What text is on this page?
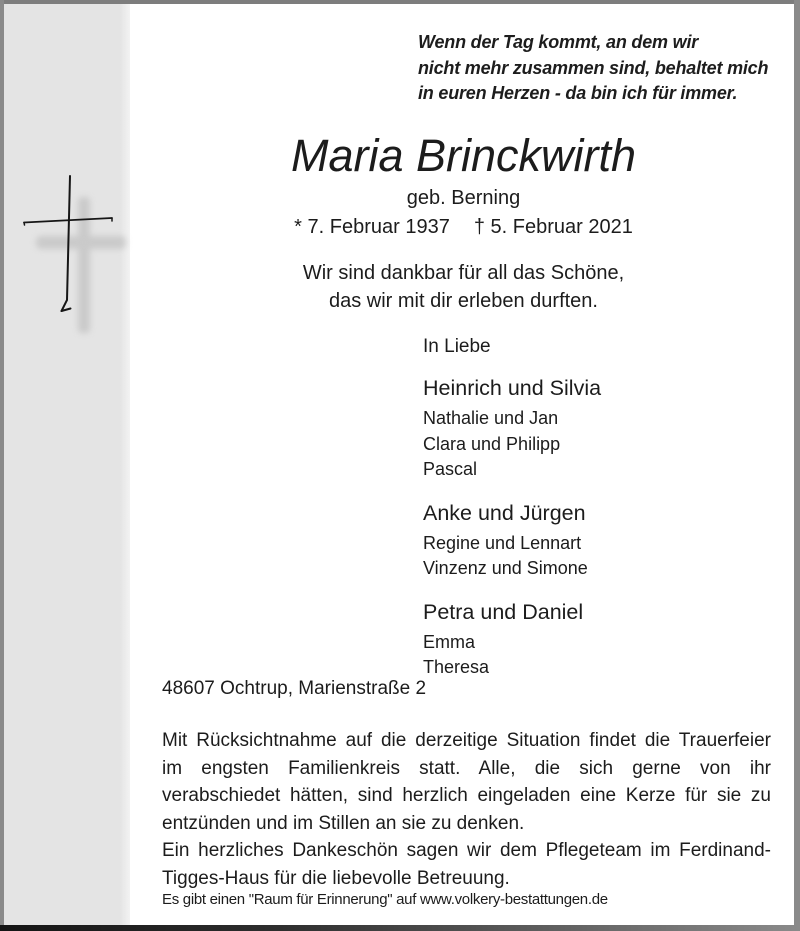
Wenn der Tag kommt, an dem wir
nicht mehr zusammen sind, behaltet mich
in euren Herzen - da bin ich für immer.
Maria Brinckwirth
geb. Berning
* 7. Februar 1937 † 5. Februar 2021
Wir sind dankbar für all das Schöne,
das wir mit dir erleben durften.
In Liebe
Heinrich und Silvia
Nathalie und Jan
Clara und Philipp
Pascal
Anke und Jürgen
Regine und Lennart
Vinzenz und Simone
Petra und Daniel
Emma
Theresa
48607 Ochtrup, Marienstraße 2
Mit Rücksichtnahme auf die derzeitige Situation findet die Trauerfeier
im engsten Familienkreis statt. Alle, die sich gerne von ihr
verabschiedet hätten, sind herzlich eingeladen eine Kerze für sie zu
entzünden und im Stillen an sie zu denken.
Ein herzliches Dankeschön sagen wir dem Pflegeteam im Ferdinand-
Tigges-Haus für die liebevolle Betreuung.
Es gibt einen "Raum für Erinnerung" auf www.volkery-bestattungen.de
